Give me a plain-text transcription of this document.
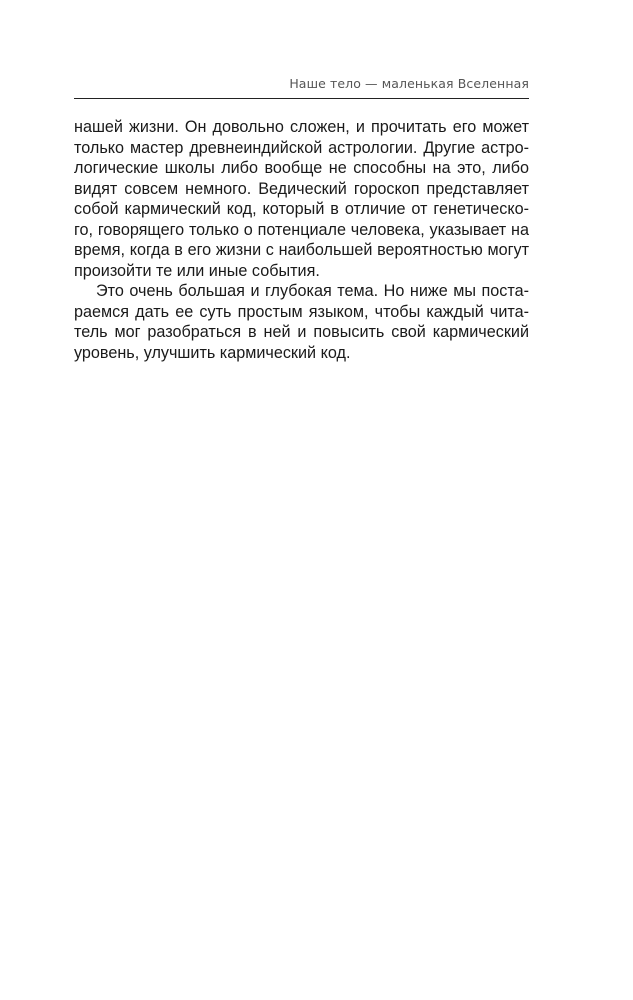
Наше тело — маленькая Вселенная
нашей жизни. Он довольно сложен, и прочитать его может
только мастер древнеиндийской астрологии. Другие астро-
логические школы либо вообще не способны на это, либо
видят совсем немного. Ведический гороскоп представляет
собой кармический код, который в отличие от генетическо-
го, говорящего только о потенциале человека, указывает на
время, когда в его жизни с наибольшей вероятностью могут
произойти те или иные события.
Это очень большая и глубокая тема. Но ниже мы поста-
раемся дать ее суть простым языком, чтобы каждый чита-
тель мог разобраться в ней и повысить свой кармический
уровень, улучшить кармический код.
